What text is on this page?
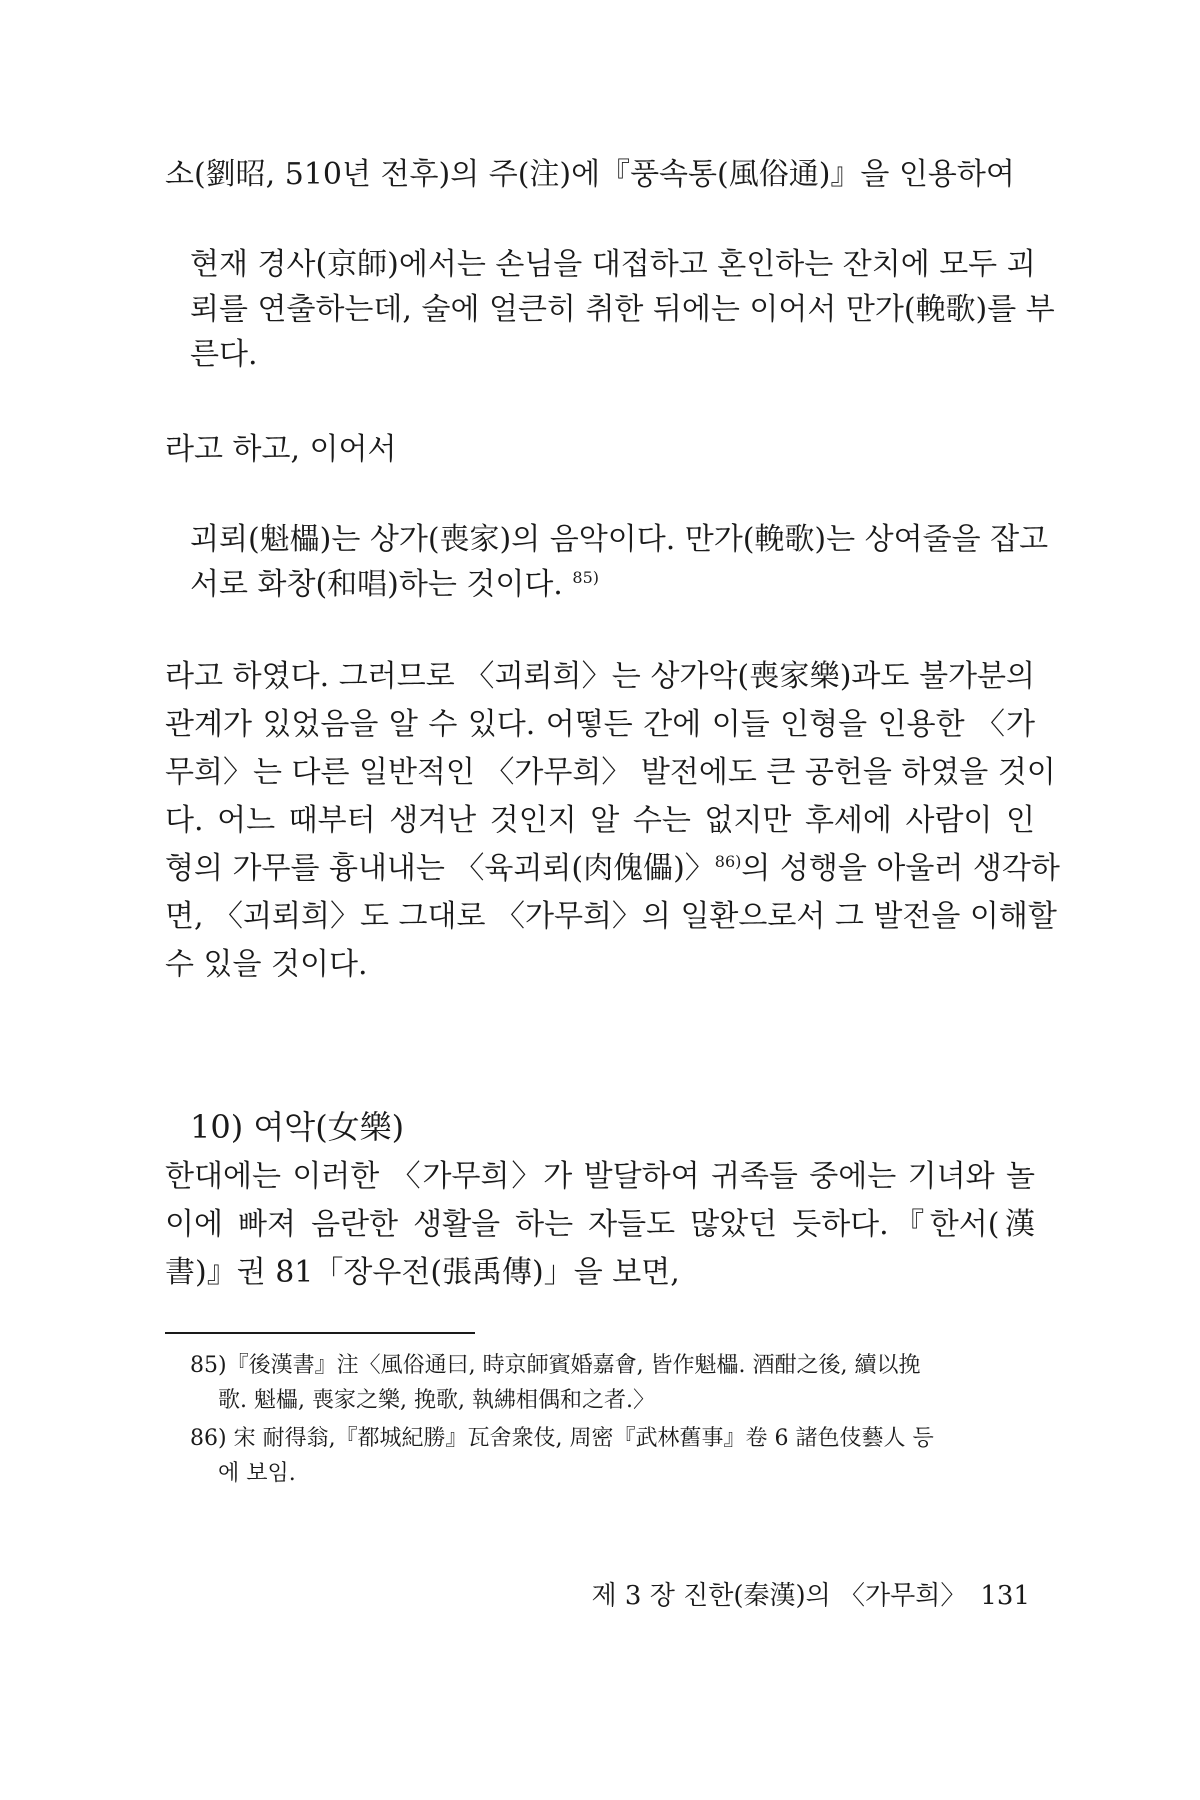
소(劉昭, 510년 전후)의 주(注)에『풍속통(風俗通)』을 인용하여
현재 경사(京師)에서는 손님을 대접하고 혼인하는 잔치에 모두 괴
뢰를 연출하는데, 술에 얼큰히 취한 뒤에는 이어서 만가(輓歌)를 부
른다.
라고 하고, 이어서
괴뢰(魁櫑)는 상가(喪家)의 음악이다. 만가(輓歌)는 상여줄을 잡고
서로 화창(和唱)하는 것이다. $^{85)}$
라고 하였다. 그러므로 〈괴뢰희〉는 상가악(喪家樂)과도 불가분의
관계가 있었음을 알 수 있다. 어떻든 간에 이들 인형을 인용한 〈가
무희〉는 다른 일반적인 〈가무희〉 발전에도 큰 공헌을 하였을 것이
다. 어느 때부터 생겨난 것인지 알 수는 없지만 후세에 사람이 인
형의 가무를 흉내내는 〈육괴뢰(肉傀儡)〉$^{86)}$의 성행을 아울러 생각하
면, 〈괴뢰희〉도 그대로 〈가무희〉의 일환으로서 그 발전을 이해할
수 있을 것이다.
10) 여악(女樂)
한대에는 이러한 〈가무희〉가 발달하여 귀족들 중에는 기녀와 놀
이에 빠져 음란한 생활을 하는 자들도 많았던 듯하다.『한서(漢
書)』권 81「장우전(張禹傳)」을 보면,
85)『後漢書』注〈風俗通曰, 時京師賓婚嘉會, 皆作魁櫑. 酒酣之後, 續以挽
歌. 魁櫑, 喪家之樂, 挽歌, 執紼相偶和之者.〉
86) 宋 耐得翁,『都城紀勝』瓦舍衆伎, 周密『武林舊事』卷 6 諸色伎藝人 등
에 보임.
제 3 장 진한(秦漢)의 〈가무희〉 131
